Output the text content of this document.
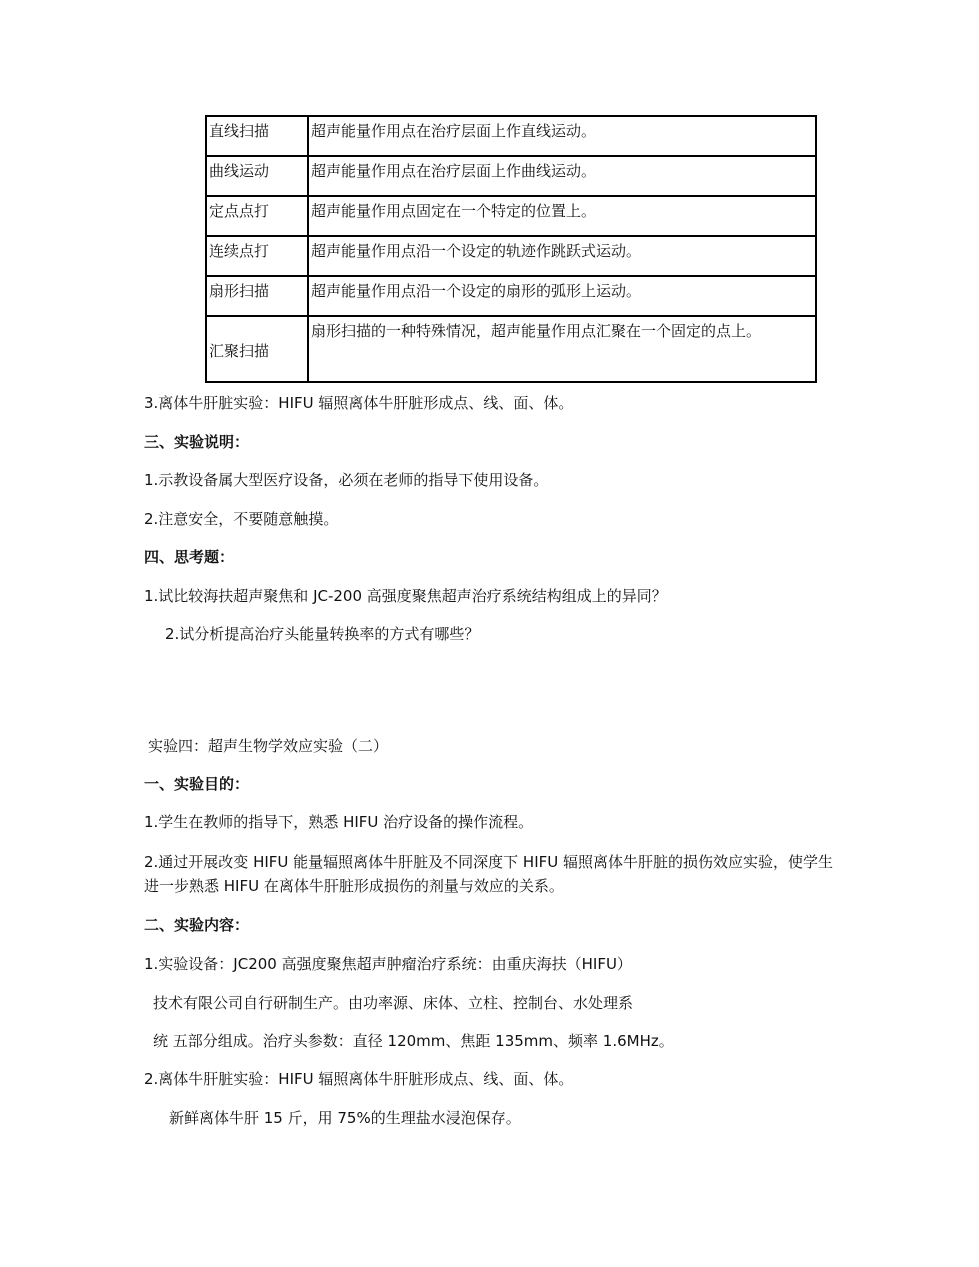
直线扫描	超声能量作用点在治疗层面上作直线运动。
曲线运动	超声能量作用点在治疗层面上作曲线运动。
定点点打	超声能量作用点固定在一个特定的位置上。
连续点打	超声能量作用点沿一个设定的轨迹作跳跃式运动。
扇形扫描	超声能量作用点沿一个设定的扇形的弧形上运动。
汇聚扫描	扇形扫描的一种特殊情况，超声能量作用点汇聚在一个固定的点上。
3.离体牛肝脏实验：HIFU 辐照离体牛肝脏形成点、线、面、体。
三、实验说明：
1.示教设备属大型医疗设备，必须在老师的指导下使用设备。
2.注意安全，不要随意触摸。
四、思考题：
1.试比较海扶超声聚焦和 JC-200 高强度聚焦超声治疗系统结构组成上的异同？
2.试分析提高治疗头能量转换率的方式有哪些？
实验四：超声生物学效应实验（二）
一、实验目的：
1.学生在教师的指导下，熟悉 HIFU 治疗设备的操作流程。
2.通过开展改变 HIFU 能量辐照离体牛肝脏及不同深度下 HIFU 辐照离体牛肝脏的损伤效应实验，使学生进一步熟悉 HIFU 在离体牛肝脏形成损伤的剂量与效应的关系。
二、实验内容：
1.实验设备：JC200 高强度聚焦超声肿瘤治疗系统：由重庆海扶（HIFU）
技术有限公司自行研制生产。由功率源、床体、立柱、控制台、水处理系
统 五部分组成。治疗头参数：直径 120mm、焦距 135mm、频率 1.6MHz。
2.离体牛肝脏实验：HIFU 辐照离体牛肝脏形成点、线、面、体。
新鲜离体牛肝 15 斤，用 75%的生理盐水浸泡保存。
